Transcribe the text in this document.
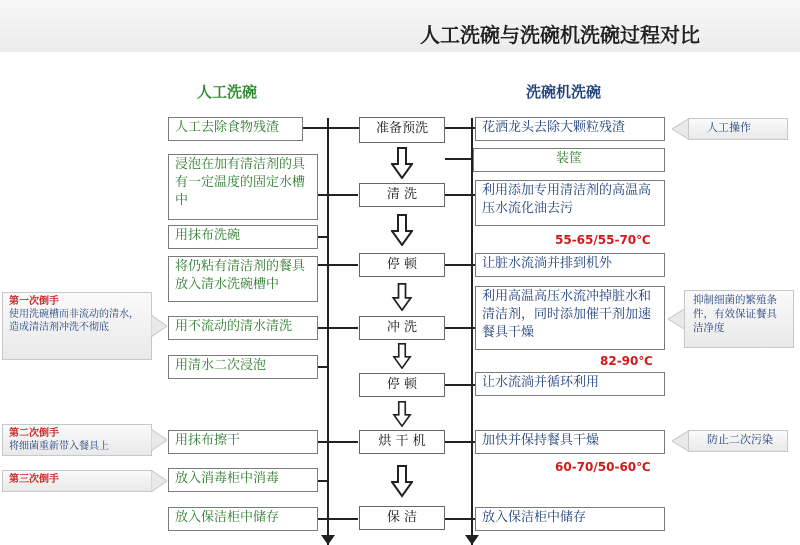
人工洗碗与洗碗机洗碗过程对比
人工洗碗	洗碗机洗碗
准备预洗
清 洗
停 顿
冲 洗
停 顿
烘 干 机
保 洁
人工去除食物残渣
浸泡在加有清洁剂的具有一定温度的固定水槽中
用抹布洗碗
将仍粘有清洁剂的餐具放入清水洗碗槽中
用不流动的清水清洗
用清水二次浸泡
用抹布擦干
放入消毒柜中消毒
放入保洁柜中储存
花洒龙头去除大颗粒残渣
装筐
利用添加专用清洁剂的高温高压水流化油去污
让脏水流淌并排到机外
利用高温高压水流冲掉脏水和清洁剂，同时添加催干剂加速餐具干燥
让水流淌并循环利用
加快并保持餐具干燥
放入保洁柜中储存
55-65/55-70℃
82-90℃
60-70/50-60℃
第一次倒手
使用洗碗槽而非流动的清水，造成清洁剂冲洗不彻底
第二次倒手
将细菌重新带入餐具上
第三次倒手
人工操作
抑制细菌的繁殖条件，有效保证餐具洁净度
防止二次污染
